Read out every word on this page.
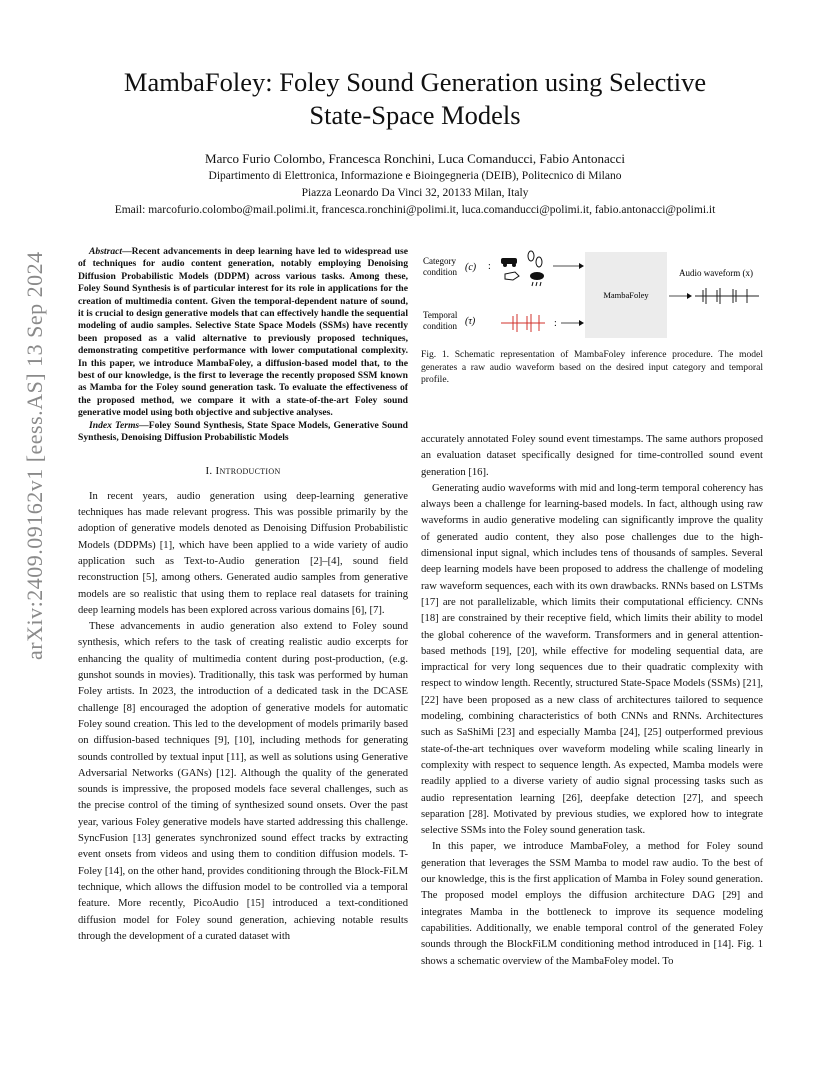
arXiv:2409.09162v1 [eess.AS] 13 Sep 2024
MambaFoley: Foley Sound Generation using Selective
State-Space Models
Marco Furio Colombo, Francesca Ronchini, Luca Comanducci, Fabio Antonacci
Dipartimento di Elettronica, Informazione e Bioingegneria (DEIB), Politecnico di Milano
Piazza Leonardo Da Vinci 32, 20133 Milan, Italy
Email: marcofurio.colombo@mail.polimi.it, francesca.ronchini@polimi.it, luca.comanducci@polimi.it, fabio.antonacci@polimi.it

Abstract—Recent advancements in deep learning have led to widespread use of techniques for audio content generation, notably employing Denoising Diffusion Probabilistic Models (DDPM) across various tasks. Among these, Foley Sound Synthesis is of particular interest for its role in applications for the creation of multimedia content. Given the temporal-dependent nature of sound, it is crucial to design generative models that can effectively handle the sequential modeling of audio samples. Selective State Space Models (SSMs) have recently been proposed as a valid alternative to previously proposed techniques, demonstrating competitive performance with lower computational complexity. In this paper, we introduce MambaFoley, a diffusion-based model that, to the best of our knowledge, is the first to leverage the recently proposed SSM known as Mamba for the Foley sound generation task. To evaluate the effectiveness of the proposed method, we compare it with a state-of-the-art Foley sound generative model using both objective and subjective analyses.

Index Terms—Foley Sound Synthesis, State Space Models, Generative Sound Synthesis, Denoising Diffusion Probabilistic Models

I. Introduction

In recent years, audio generation using deep-learning generative techniques has made relevant progress. This was possible primarily by the adoption of generative models denoted as Denoising Diffusion Probabilistic Models (DDPMs) [1], which have been applied to a wide variety of audio application such as Text-to-Audio generation [2]–[4], sound field reconstruction [5], among others. Generated audio samples from generative models are so realistic that using them to replace real datasets for training deep learning models has been explored across various domains [6], [7].

These advancements in audio generation also extend to Foley sound synthesis, which refers to the task of creating realistic audio excerpts for enhancing the quality of multimedia content during post-production, (e.g. gunshot sounds in movies). Traditionally, this task was performed by human Foley artists. In 2023, the introduction of a dedicated task in the DCASE challenge [8] encouraged the adoption of generative models for automatic Foley sound creation. This led to the development of models primarily based on diffusion-based techniques [9], [10], including methods for generating sounds controlled by textual input [11], as well as solutions using Generative Adversarial Networks (GANs) [12]. Although the quality of the generated sounds is impressive, the proposed models face several challenges, such as the precise control of the timing of synthesized sound onsets. Over the past year, various Foley generative models have started addressing this challenge. SyncFusion [13] generates synchronized sound effect tracks by extracting event onsets from videos and using them to condition diffusion models. T-Foley [14], on the other hand, provides conditioning through the Block-FiLM technique, which allows the diffusion model to be controlled via a temporal feature. More recently, PicoAudio [15] introduced a text-conditioned diffusion model for Foley sound generation, achieving notable results through the development of a curated dataset with

Category
condition (c) :
Temporal
condition (τ)	:
MambaFoley
Audio waveform (x)
Fig. 1. Schematic representation of MambaFoley inference procedure. The model generates a raw audio waveform based on the desired input category and temporal profile.

accurately annotated Foley sound event timestamps. The same authors proposed an evaluation dataset specifically designed for time-controlled sound event generation [16].

Generating audio waveforms with mid and long-term temporal coherency has always been a challenge for learning-based models. In fact, although using raw waveforms in audio generative modeling can significantly improve the quality of generated audio content, they also pose challenges due to the high-dimensional input signal, which includes tens of thousands of samples. Several deep learning models have been proposed to address the challenge of modeling raw waveform sequences, each with its own drawbacks. RNNs based on LSTMs [17] are not parallelizable, which limits their computational efficiency. CNNs [18] are constrained by their receptive field, which limits their ability to model the global coherence of the waveform. Transformers and in general attention-based methods [19], [20], while effective for modeling sequential data, are impractical for very long sequences due to their quadratic complexity with respect to window length. Recently, structured State-Space Models (SSMs) [21], [22] have been proposed as a new class of architectures tailored to sequence modeling, combining characteristics of both CNNs and RNNs. Architectures such as SaShiMi [23] and especially Mamba [24], [25] outperformed previous state-of-the-art techniques over waveform modeling while scaling linearly in complexity with respect to sequence length. As expected, Mamba models were readily applied to a diverse variety of audio signal processing tasks such as audio representation learning [26], deepfake detection [27], and speech separation [28]. Motivated by previous studies, we explored how to integrate selective SSMs into the Foley sound generation task.

In this paper, we introduce MambaFoley, a method for Foley sound generation that leverages the SSM Mamba to model raw audio. To the best of our knowledge, this is the first application of Mamba in Foley sound generation. The proposed model employs the diffusion architecture DAG [29] and integrates Mamba in the bottleneck to improve its sequence modeling capabilities. Additionally, we enable temporal control of the generated Foley sounds through the BlockFiLM conditioning method introduced in [14]. Fig. 1 shows a schematic overview of the MambaFoley model. To
